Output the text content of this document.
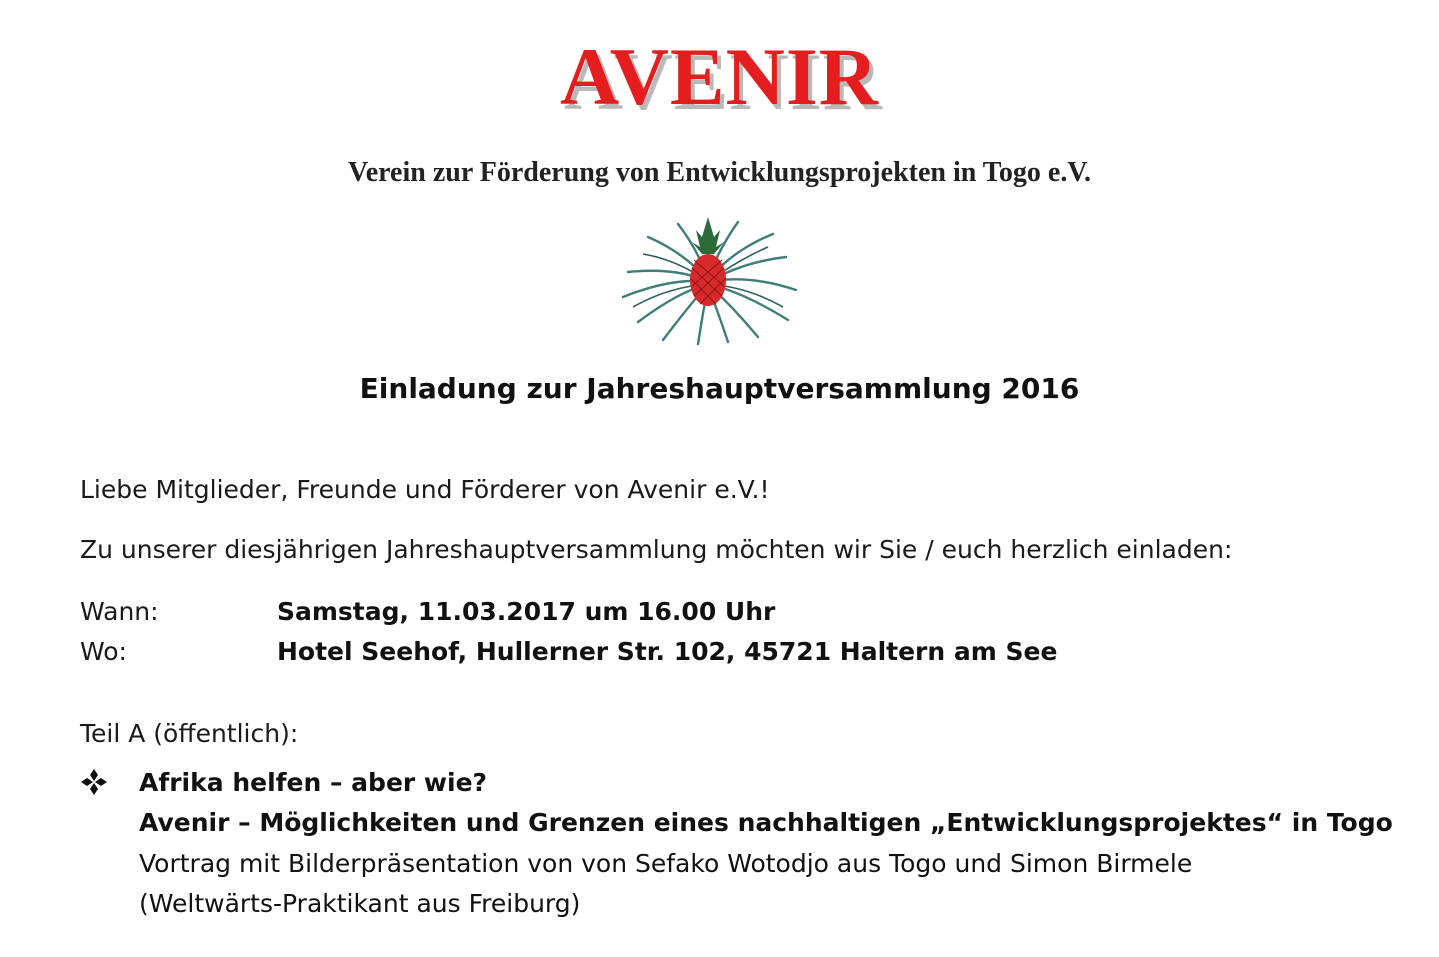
AVENIR
Verein zur Förderung von Entwicklungsprojekten in Togo e.V.
Einladung zur Jahreshauptversammlung 2016
Liebe Mitglieder, Freunde und Förderer von Avenir e.V.!
Zu unserer diesjährigen Jahreshauptversammlung möchten wir Sie / euch herzlich einladen:
Wann:	Samstag, 11.03.2017 um 16.00 Uhr
Wo:	Hotel Seehof, Hullerner Str. 102, 45721 Haltern am See
Teil A (öffentlich):
Afrika helfen – aber wie?
Avenir – Möglichkeiten und Grenzen eines nachhaltigen „Entwicklungsprojektes“ in Togo
Vortrag mit Bilderpräsentation von von Sefako Wotodjo aus Togo und Simon Birmele
(Weltwärts-Praktikant aus Freiburg)
